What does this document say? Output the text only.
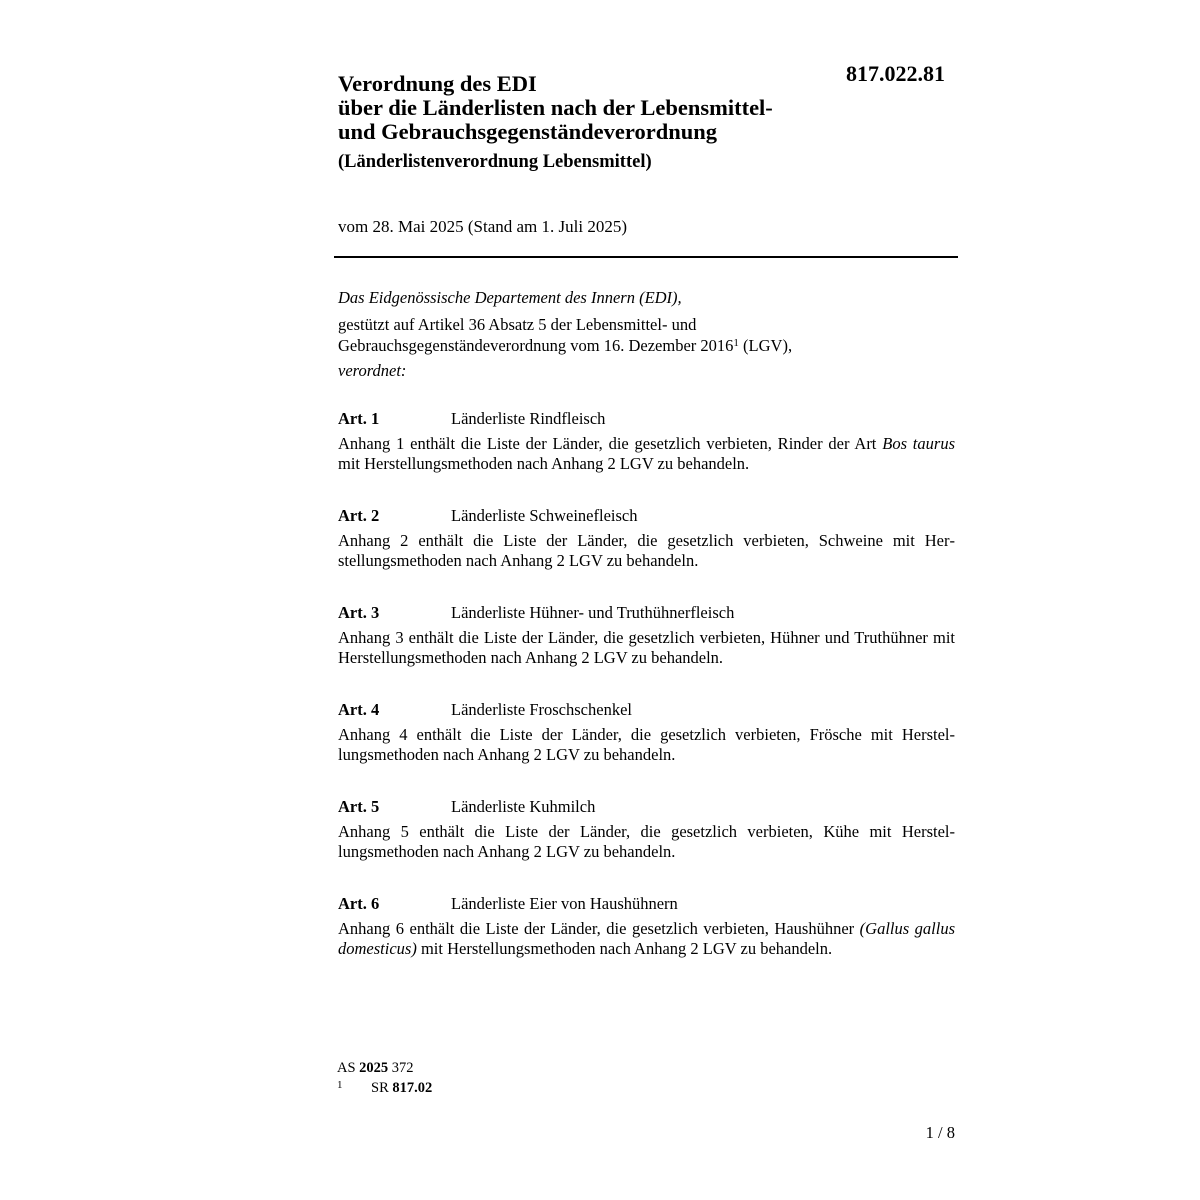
817.022.81
Verordnung des EDI
über die Länderlisten nach der Lebensmittel-
und Gebrauchsgegenständeverordnung
(Länderlistenverordnung Lebensmittel)
vom 28. Mai 2025 (Stand am 1. Juli 2025)
Das Eidgenössische Departement des Innern (EDI),
gestützt auf Artikel 36 Absatz 5 der Lebensmittel- und
Gebrauchsgegenständeverordnung vom 16. Dezember 2016$^1$ (LGV),
verordnet:
Art. 1	Länderliste Rindfleisch
Anhang 1 enthält die Liste der Länder, die gesetzlich verbieten, Rinder der Art Bos taurus mit Herstellungsmethoden nach Anhang 2 LGV zu behandeln.
Art. 2	Länderliste Schweinefleisch
Anhang 2 enthält die Liste der Länder, die gesetzlich verbieten, Schweine mit Herstellungsmethoden nach Anhang 2 LGV zu behandeln.
Art. 3	Länderliste Hühner- und Truthühnerfleisch
Anhang 3 enthält die Liste der Länder, die gesetzlich verbieten, Hühner und Truthühner mit Herstellungsmethoden nach Anhang 2 LGV zu behandeln.
Art. 4	Länderliste Froschschenkel
Anhang 4 enthält die Liste der Länder, die gesetzlich verbieten, Frösche mit Herstellungsmethoden nach Anhang 2 LGV zu behandeln.
Art. 5	Länderliste Kuhmilch
Anhang 5 enthält die Liste der Länder, die gesetzlich verbieten, Kühe mit Herstellungsmethoden nach Anhang 2 LGV zu behandeln.
Art. 6	Länderliste Eier von Haushühnern
Anhang 6 enthält die Liste der Länder, die gesetzlich verbieten, Haushühner (Gallus gallus domesticus) mit Herstellungsmethoden nach Anhang 2 LGV zu behandeln.
AS 2025 372
1 SR 817.02
1 / 8
